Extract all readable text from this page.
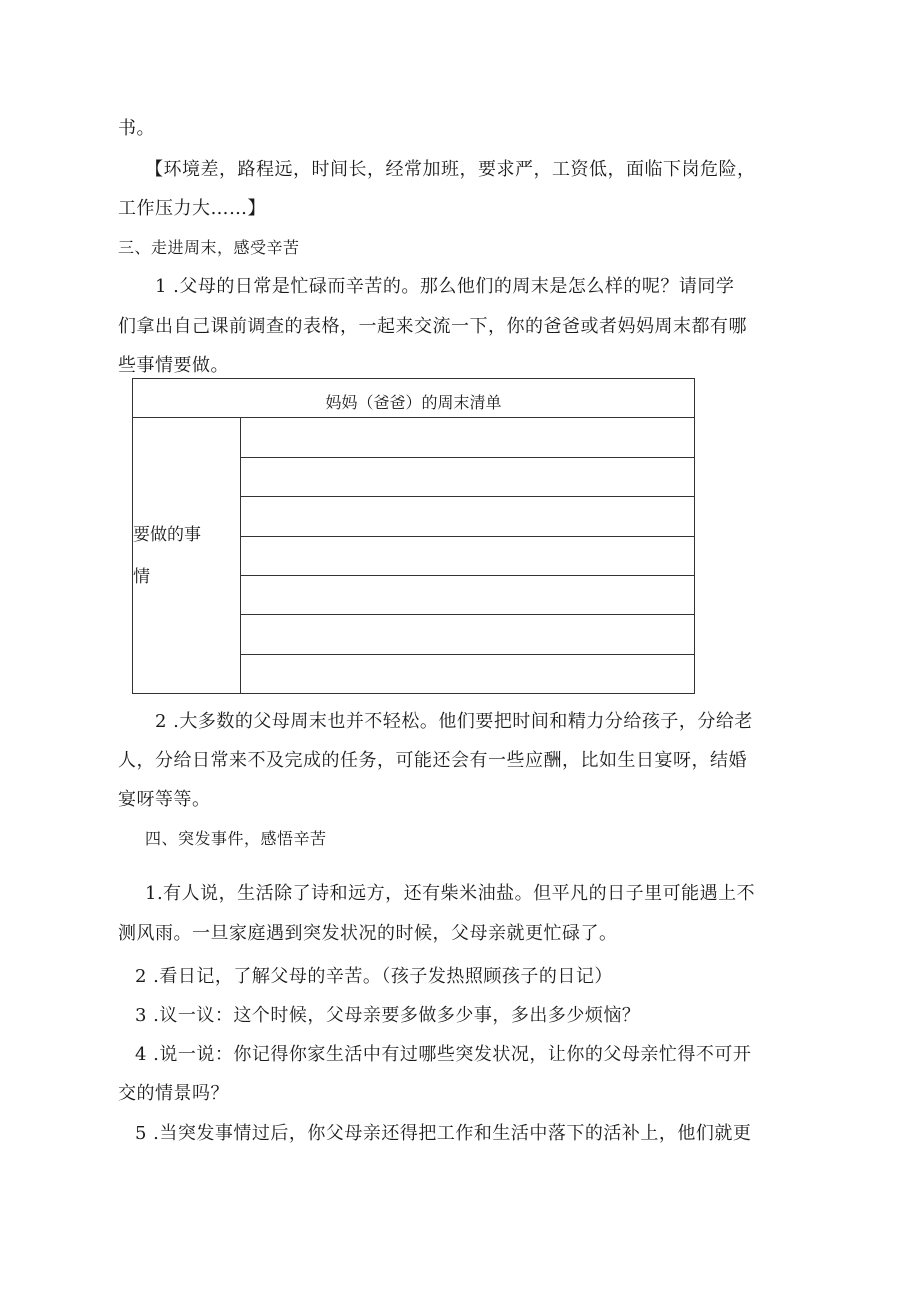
书。
【环境差，路程远，时间长，经常加班，要求严，工资低，面临下岗危险，
工作压力大……】
三、走进周末，感受辛苦
1 .父母的日常是忙碌而辛苦的。那么他们的周末是怎么样的呢？请同学
们拿出自己课前调查的表格，一起来交流一下，你的爸爸或者妈妈周末都有哪
些事情要做。
妈妈（爸爸）的周末清单

要做的事
情

2 .大多数的父母周末也并不轻松。他们要把时间和精力分给孩子，分给老
人，分给日常来不及完成的任务，可能还会有一些应酬，比如生日宴呀，结婚
宴呀等等。
四、突发事件，感悟辛苦
1.有人说，生活除了诗和远方，还有柴米油盐。但平凡的日子里可能遇上不
测风雨。一旦家庭遇到突发状况的时候，父母亲就更忙碌了。
2 .看日记，了解父母的辛苦。（孩子发热照顾孩子的日记）
3 .议一议：这个时候，父母亲要多做多少事，多出多少烦恼？
4 .说一说：你记得你家生活中有过哪些突发状况，让你的父母亲忙得不可开
交的情景吗？
5 .当突发事情过后，你父母亲还得把工作和生活中落下的活补上，他们就更
